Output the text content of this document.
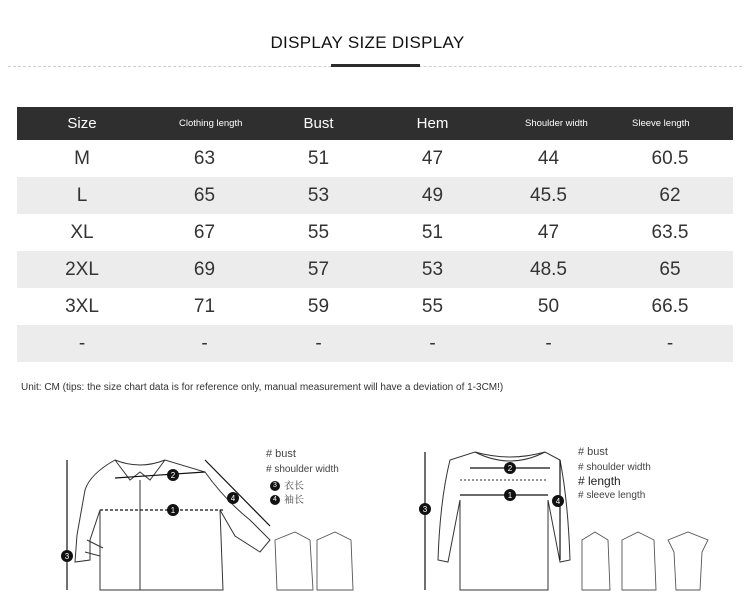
DISPLAY SIZE DISPLAY
Size	Clothing length	Bust	Hem	Shoulder width	Sleeve length
M	63	51	47	44	60.5
L	65	53	49	45.5	62
XL	67	55	51	47	63.5
2XL	69	57	53	48.5	65
3XL	71	59	55	50	66.5
-	-	-	-	-	-
Unit: CM (tips: the size chart data is for reference only, manual measurement will have a deviation of 1-3CM!)
1
2
3
4
# bust
# shoulder width
3 衣长
4 袖长	1
2
3
4
# bust
# shoulder width
# length
# sleeve length
